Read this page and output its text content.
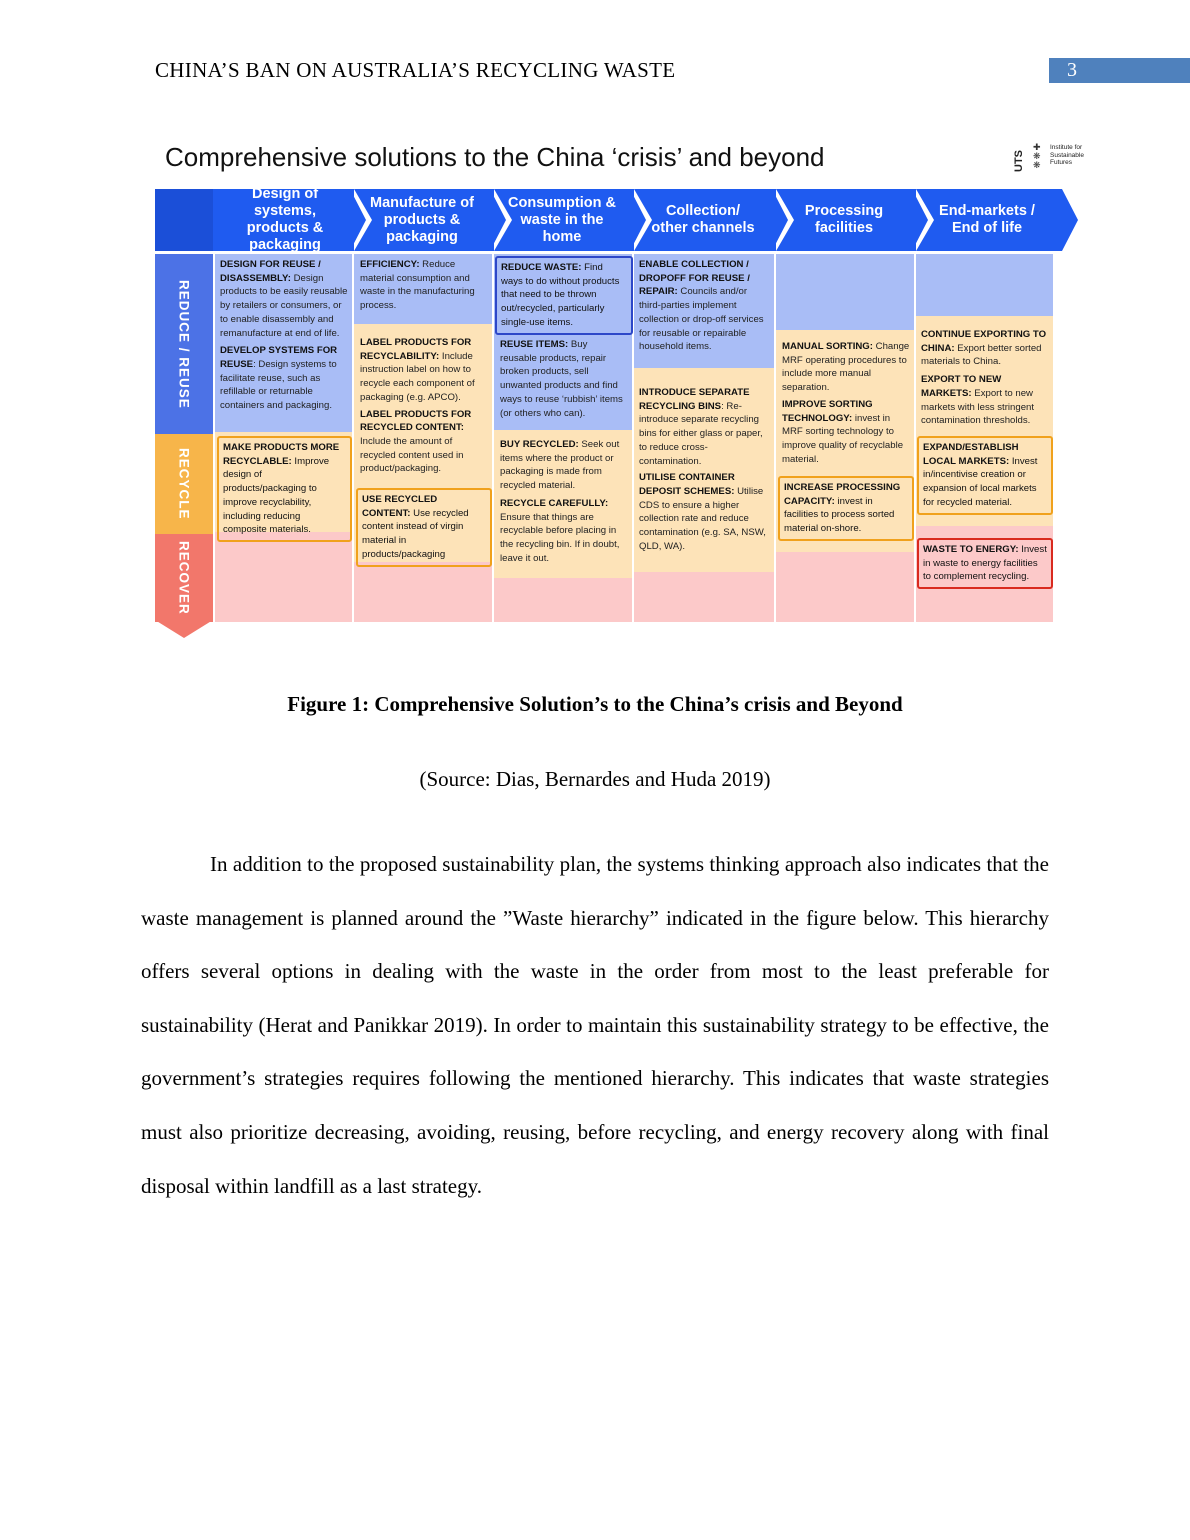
CHINA’S BAN ON AUSTRALIA’S RECYCLING WASTE	3
Comprehensive solutions to the China ‘crisis’ and beyond	UTS
✚
❋
❋
Institute for
Sustainable
Futures
Design of systems, products & packaging
Manufacture of products & packaging
Consumption & waste in the home
Collection/ other channels
Processing facilities
End-markets / End of life
REDUCE / REUSE
RECYCLE
RECOVER
DESIGN FOR REUSE / DISASSEMBLY: Design products to be easily reusable by retailers or consumers, or to enable disassembly and remanufacture at end of life.
DEVELOP SYSTEMS FOR REUSE: Design systems to facilitate reuse, such as refillable or returnable containers and packaging.
MAKE PRODUCTS MORE RECYCLABLE: Improve design of products/packaging to improve recyclability, including reducing composite materials.
EFFICIENCY: Reduce material consumption and waste in the manufacturing process.
LABEL PRODUCTS FOR RECYCLABILITY: Include instruction label on how to recycle each component of packaging (e.g. APCO).
LABEL PRODUCTS FOR RECYCLED CONTENT: Include the amount of recycled content used in product/packaging.
USE RECYCLED CONTENT: Use recycled content instead of virgin material in products/packaging
REDUCE WASTE: Find ways to do without products that need to be thrown out/recycled, particularly single-use items.
REUSE ITEMS: Buy reusable products, repair broken products, sell unwanted products and find ways to reuse ‘rubbish’ items (or others who can).
BUY RECYCLED: Seek out items where the product or packaging is made from recycled material.
RECYCLE CAREFULLY: Ensure that things are recyclable before placing in the recycling bin. If in doubt, leave it out.
ENABLE COLLECTION / DROPOFF FOR REUSE / REPAIR: Councils and/or third-parties implement collection or drop-off services for reusable or repairable household items.
INTRODUCE SEPARATE RECYCLING BINS: Re-introduce separate recycling bins for either glass or paper, to reduce cross-contamination.
UTILISE CONTAINER DEPOSIT SCHEMES: Utilise CDS to ensure a higher collection rate and reduce contamination (e.g. SA, NSW, QLD, WA).
MANUAL SORTING: Change MRF operating procedures to include more manual separation.
IMPROVE SORTING TECHNOLOGY: invest in MRF sorting technology to improve quality of recyclable material.
INCREASE PROCESSING CAPACITY: invest in facilities to process sorted material on-shore.
CONTINUE EXPORTING TO CHINA: Export better sorted materials to China.
EXPORT TO NEW MARKETS: Export to new markets with less stringent contamination thresholds.
EXPAND/ESTABLISH LOCAL MARKETS: Invest in/incentivise creation or expansion of local markets for recycled material.
WASTE TO ENERGY: Invest in waste to energy facilities to complement recycling.
Figure 1: Comprehensive Solution’s to the China’s crisis and Beyond
(Source: Dias, Bernardes and Huda 2019)
In addition to the proposed sustainability plan, the systems thinking approach also indicates that the waste management is planned around the ”Waste hierarchy” indicated in the figure below. This hierarchy offers several options in dealing with the waste in the order from most to the least preferable for sustainability (Herat and Panikkar 2019). In order to maintain this sustainability strategy to be effective, the government’s strategies requires following the mentioned hierarchy. This indicates that waste strategies must also prioritize decreasing, avoiding, reusing, before recycling, and energy recovery along with final disposal within landfill as a last strategy.
